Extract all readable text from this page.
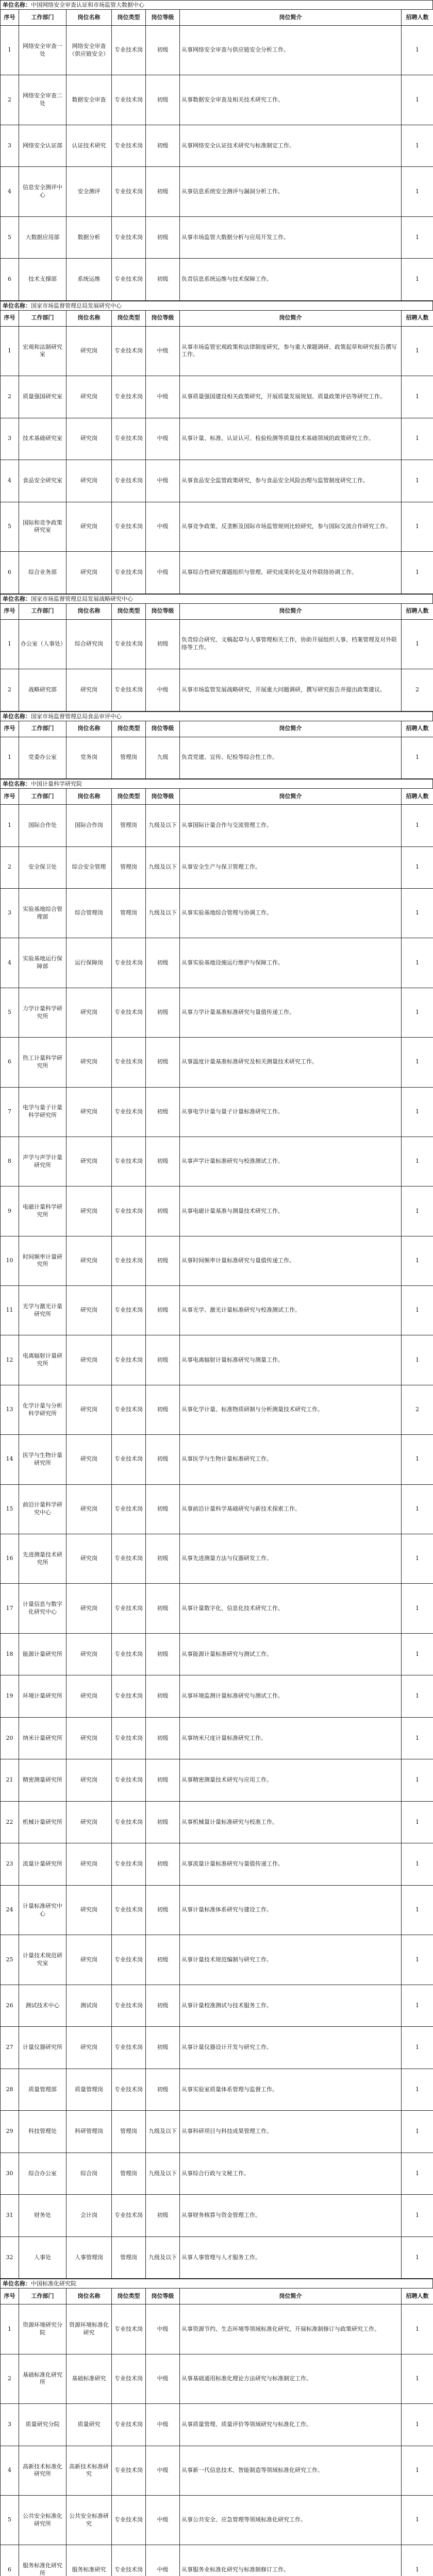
单位名称：中国网络安全审查认证和市场监管大数据中心
序号	工作部门	岗位名称	岗位类型	岗位等级	岗位简介	招聘人数
1	网络安全审查一处	网络安全审查（供应链安全）	专业技术岗	初级	从事网络安全审查与供应链安全分析工作。	1
2	网络安全审查二处	数据安全审查	专业技术岗	初级	从事数据安全审查及相关技术研究工作。	1
3	网络安全认证部	认证技术研究	专业技术岗	初级	从事网络安全认证技术研究与标准制定工作。	1
4	信息安全测评中心	安全测评	专业技术岗	初级	从事信息系统安全测评与漏洞分析工作。	1
5	大数据应用部	数据分析	专业技术岗	初级	从事市场监管大数据分析与应用开发工作。	1
6	技术支撑部	系统运维	专业技术岗	初级	负责信息系统运维与技术保障工作。	1
单位名称：国家市场监督管理总局发展研究中心
序号	工作部门	岗位名称	岗位类型	岗位等级	岗位简介	招聘人数
1	宏观和法制研究室	研究岗	专业技术岗	中级	从事市场监管宏观政策和法律制度研究，参与重大课题调研、政策起草和研究报告撰写工作。	1
2	质量强国研究室	研究岗	专业技术岗	中级	从事质量强国建设相关政策研究，开展质量发展规划、质量政策评估等研究工作。	1
3	技术基础研究室	研究岗	专业技术岗	中级	从事计量、标准、认证认可、检验检测等质量技术基础领域的政策研究工作。	1
4	食品安全研究室	研究岗	专业技术岗	中级	从事食品安全监管政策研究，参与食品安全风险治理与监管制度研究工作。	1
5	国际和竞争政策研究室	研究岗	专业技术岗	中级	从事竞争政策、反垄断及国际市场监管规则比较研究，参与国际交流合作研究工作。	1
6	综合业务部	研究岗	专业技术岗	中级	从事综合性研究课题组织与管理、研究成果转化及对外联络协调工作。	1
单位名称：国家市场监督管理总局发展战略研究中心
序号	工作部门	岗位名称	岗位类型	岗位等级	岗位简介	招聘人数
1	办公室（人事处）	综合研究岗	专业技术岗	初级	负责综合研究、文稿起草与人事管理相关工作，协助开展组织人事、档案管理及对外联络等工作。	1
2	战略研究部	研究岗	专业技术岗	中级	从事市场监管发展战略研究，开展重大问题调研，撰写研究报告并提出政策建议。	2
单位名称：国家市场监督管理总局食品审评中心
序号	工作部门	岗位名称	岗位类型	岗位等级	岗位简介	招聘人数
1	党委办公室	党务岗	管理岗	九级	负责党建、宣传、纪检等综合性工作。	1
单位名称：中国计量科学研究院
序号	工作部门	岗位名称	岗位类型	岗位等级	岗位简介	招聘人数
1	国际合作处	国际合作岗	管理岗	九级及以下	从事国际计量合作与交流管理工作。	1
2	安全保卫处	综合安全管理	管理岗	九级及以下	从事安全生产与保卫管理工作。	1
3	实验基地综合管理部	综合管理岗	管理岗	九级及以下	从事实验基地综合管理与协调工作。	1
4	实验基地运行保障部	运行保障岗	专业技术岗	初级	从事实验基地设施运行维护与保障工作。	1
5	力学计量科学研究所	研究岗	专业技术岗	初级	从事力学计量基准标准研究与量值传递工作。	1
6	热工计量科学研究所	研究岗	专业技术岗	初级	从事温度计量基准标准研究及相关测量技术研究工作。	1
7	电学与量子计量科学研究所	研究岗	专业技术岗	初级	从事电学计量与量子计量标准研究工作。	1
8	声学与声学计量研究所	研究岗	专业技术岗	初级	从事声学计量标准研究与校准测试工作。	1
9	电磁计量科学研究所	研究岗	专业技术岗	初级	从事电磁计量基准与测量技术研究工作。	1
10	时间频率计量研究所	研究岗	专业技术岗	初级	从事时间频率计量标准研究与量值传递工作。	1
11	光学与激光计量研究所	研究岗	专业技术岗	初级	从事光学、激光计量标准研究与校准测试工作。	1
12	电离辐射计量研究所	研究岗	专业技术岗	初级	从事电离辐射计量标准研究与测量工作。	1
13	化学计量与分析科学研究所	研究岗	专业技术岗	初级	从事化学计量、标准物质研制与分析测量技术研究工作。	2
14	医学与生物计量研究所	研究岗	专业技术岗	初级	从事医学与生物计量标准研究工作。	1
15	前沿计量科学研究中心	研究岗	专业技术岗	初级	从事前沿计量科学基础研究与新技术探索工作。	1
16	先进测量技术研究所	研究岗	专业技术岗	初级	从事先进测量方法与仪器研发工作。	1
17	计量信息与数字化研究中心	研究岗	专业技术岗	初级	从事计量数字化、信息化技术研究工作。	1
18	能源计量研究所	研究岗	专业技术岗	初级	从事能源计量标准研究与测试工作。	1
19	环境计量研究所	研究岗	专业技术岗	初级	从事环境监测计量标准研究与测试工作。	1
20	纳米计量研究所	研究岗	专业技术岗	初级	从事纳米尺度计量标准研究工作。	1
21	精密测量研究所	研究岗	专业技术岗	初级	从事精密测量技术研究与应用工作。	1
22	机械计量研究所	研究岗	专业技术岗	初级	从事机械量计量标准研究与校准工作。	1
23	流量计量研究所	研究岗	专业技术岗	初级	从事流量计量标准研究与量值传递工作。	1
24	计量标准研究中心	研究岗	专业技术岗	初级	从事计量标准体系研究与建设工作。	1
25	计量技术规范研究室	研究岗	专业技术岗	初级	从事计量技术规范编制与研究工作。	1
26	测试技术中心	测试岗	专业技术岗	初级	从事计量校准测试与技术服务工作。	1
27	计量仪器研究所	研究岗	专业技术岗	初级	从事计量仪器设计开发与研究工作。	1
28	质量管理部	质量管理岗	专业技术岗	初级	从事实验室质量体系管理与监督工作。	1
29	科技管理处	科研管理岗	管理岗	九级及以下	从事科研项目与科技成果管理工作。	1
30	综合办公室	综合岗	管理岗	九级及以下	从事综合行政与文秘工作。	1
31	财务处	会计岗	专业技术岗	初级	从事财务核算与资金管理工作。	1
32	人事处	人事管理岗	管理岗	九级及以下	从事人事管理与人才服务工作。	1
单位名称：中国标准化研究院
序号	工作部门	岗位名称	岗位类型	岗位等级	岗位简介	招聘人数
1	资源环境研究分院	资源环境标准化研究	专业技术岗	中级	从事资源节约、生态环境等领域标准化研究，开展标准制修订与政策研究工作。	1
2	基础标准化研究所	基础标准研究	专业技术岗	中级	从事基础通用标准化理论方法研究与标准制定工作。	1
3	质量研究分院	质量研究	专业技术岗	中级	从事质量管理、质量评价等领域研究与标准化工作。	1
4	高新技术标准化研究所	高新技术标准研究	专业技术岗	中级	从事新一代信息技术、智能制造等领域标准化研究工作。	1
5	公共安全标准化研究所	公共安全标准研究	专业技术岗	中级	从事公共安全、应急管理等领域标准化研究工作。	1
6	服务标准化研究所	服务标准研究	专业技术岗	中级	从事服务业标准化研究与标准制修订工作。	1
